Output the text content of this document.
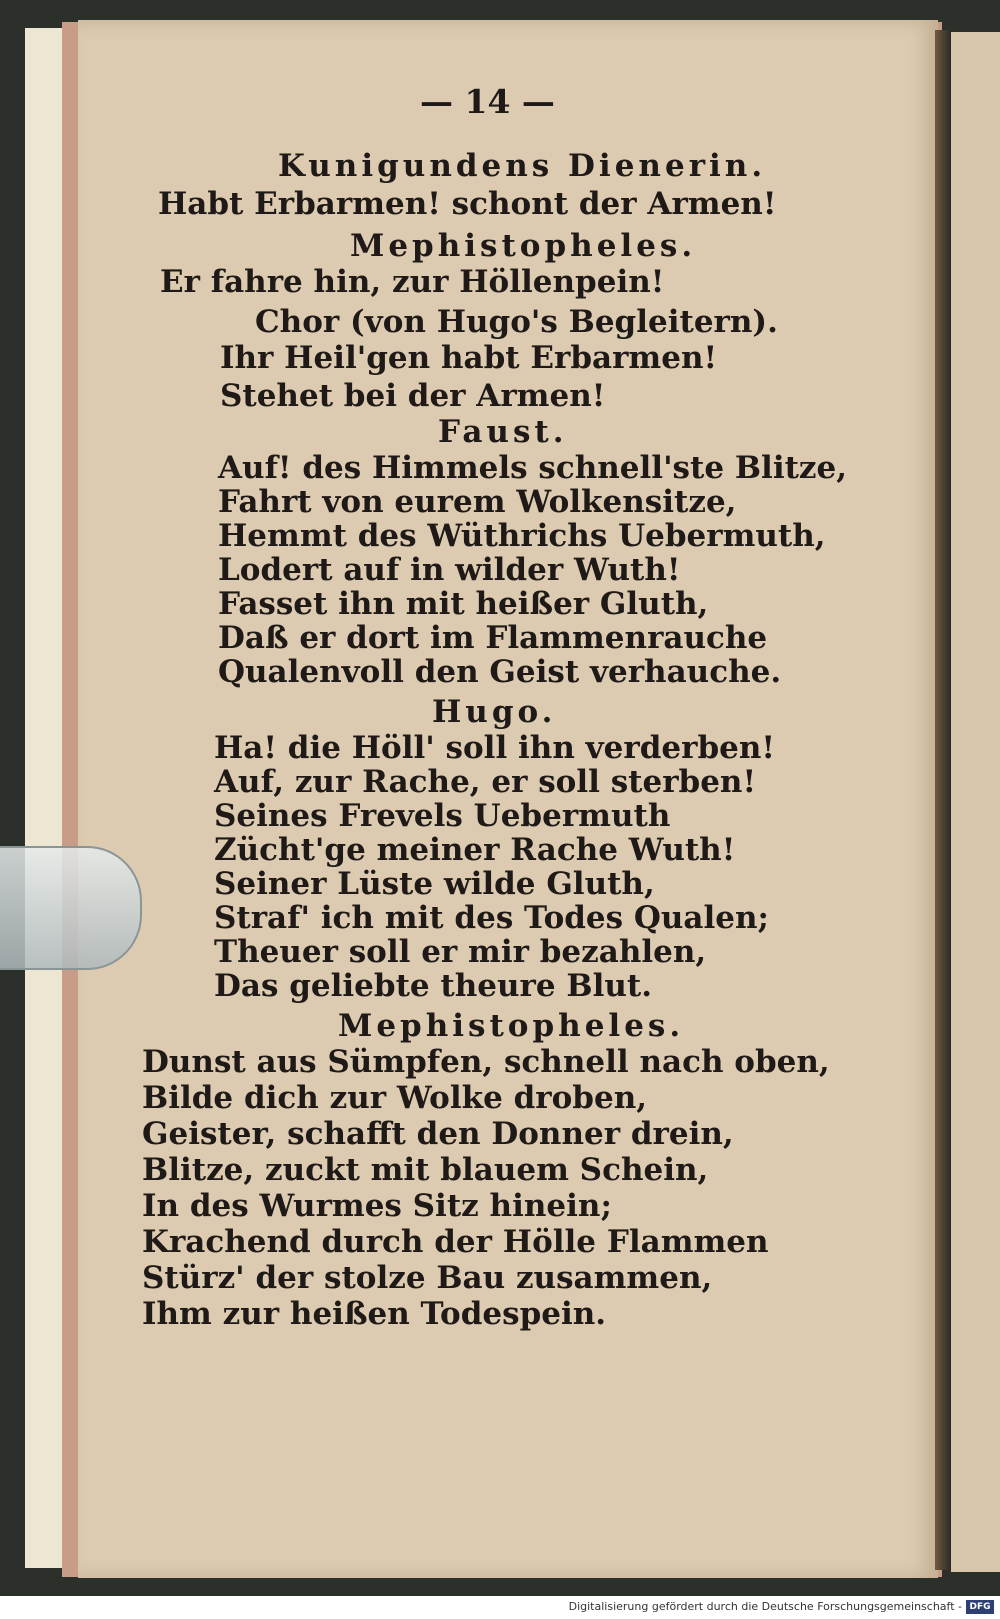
— 14 —
Kunigundens Dienerin.
Habt Erbarmen! schont der Armen!
Mephistopheles.
Er fahre hin, zur Höllenpein!
Chor (von Hugo's Begleitern).
Ihr Heil'gen habt Erbarmen!
Stehet bei der Armen!
Faust.
Auf! des Himmels schnell'ste Blitze,
Fahrt von eurem Wolkensitze,
Hemmt des Wüthrichs Uebermuth,
Lodert auf in wilder Wuth!
Fasset ihn mit heißer Gluth,
Daß er dort im Flammenrauche
Qualenvoll den Geist verhauche.
Hugo.
Ha! die Höll' soll ihn verderben!
Auf, zur Rache, er soll sterben!
Seines Frevels Uebermuth
Zücht'ge meiner Rache Wuth!
Seiner Lüste wilde Gluth,
Straf' ich mit des Todes Qualen;
Theuer soll er mir bezahlen,
Das geliebte theure Blut.
Mephistopheles.
Dunst aus Sümpfen, schnell nach oben,
Bilde dich zur Wolke droben,
Geister, schafft den Donner drein,
Blitze, zuckt mit blauem Schein,
In des Wurmes Sitz hinein;
Krachend durch der Hölle Flammen
Stürz' der stolze Bau zusammen,
Ihm zur heißen Todespein.
Digitalisierung gefördert durch die Deutsche Forschungsgemeinschaft - DFG
